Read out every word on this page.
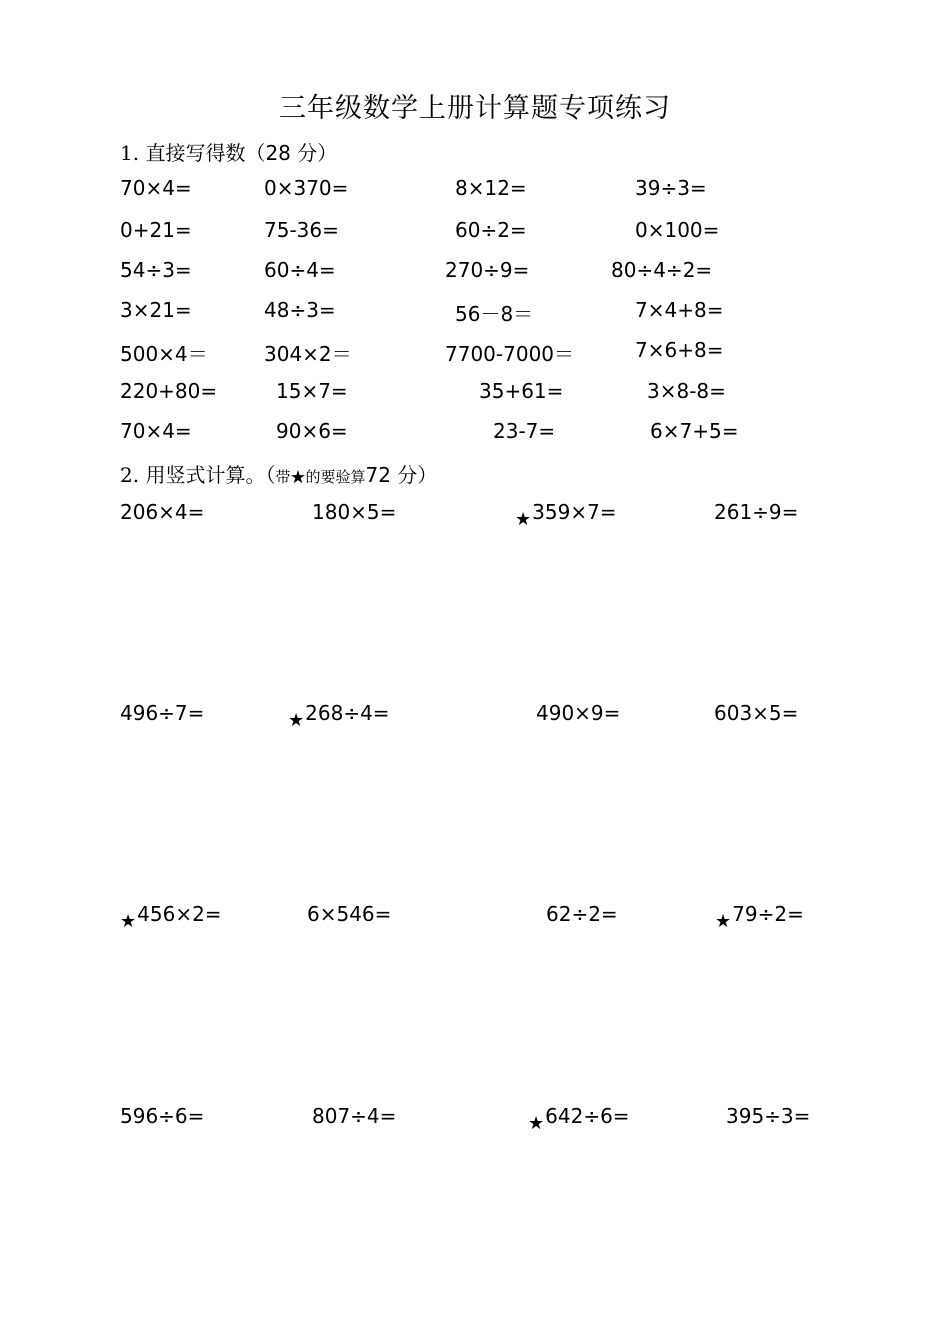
三年级数学上册计算题专项练习
1. 直接写得数（28 分）
70×4=	0×370=	8×12=	39÷3=
0+21=	75-36=	60÷2=	0×100=
54÷3=	60÷4=	270÷9=	80÷4÷2=
3×21=	48÷3=	56－8＝	7×4+8=
500×4＝	304×2＝	7700-7000＝	7×6+8=
220+80=	15×7=	35+61=	3×8-8=
70×4=	90×6=	23-7=	6×7+5=
2. 用竖式计算。（带★的要验算72 分）
206×4=	180×5=	★359×7=	261÷9=
496÷7=	★268÷4=	490×9=	603×5=
★456×2=	6×546=	62÷2=	★79÷2=
596÷6=	807÷4=	★642÷6=	395÷3=
